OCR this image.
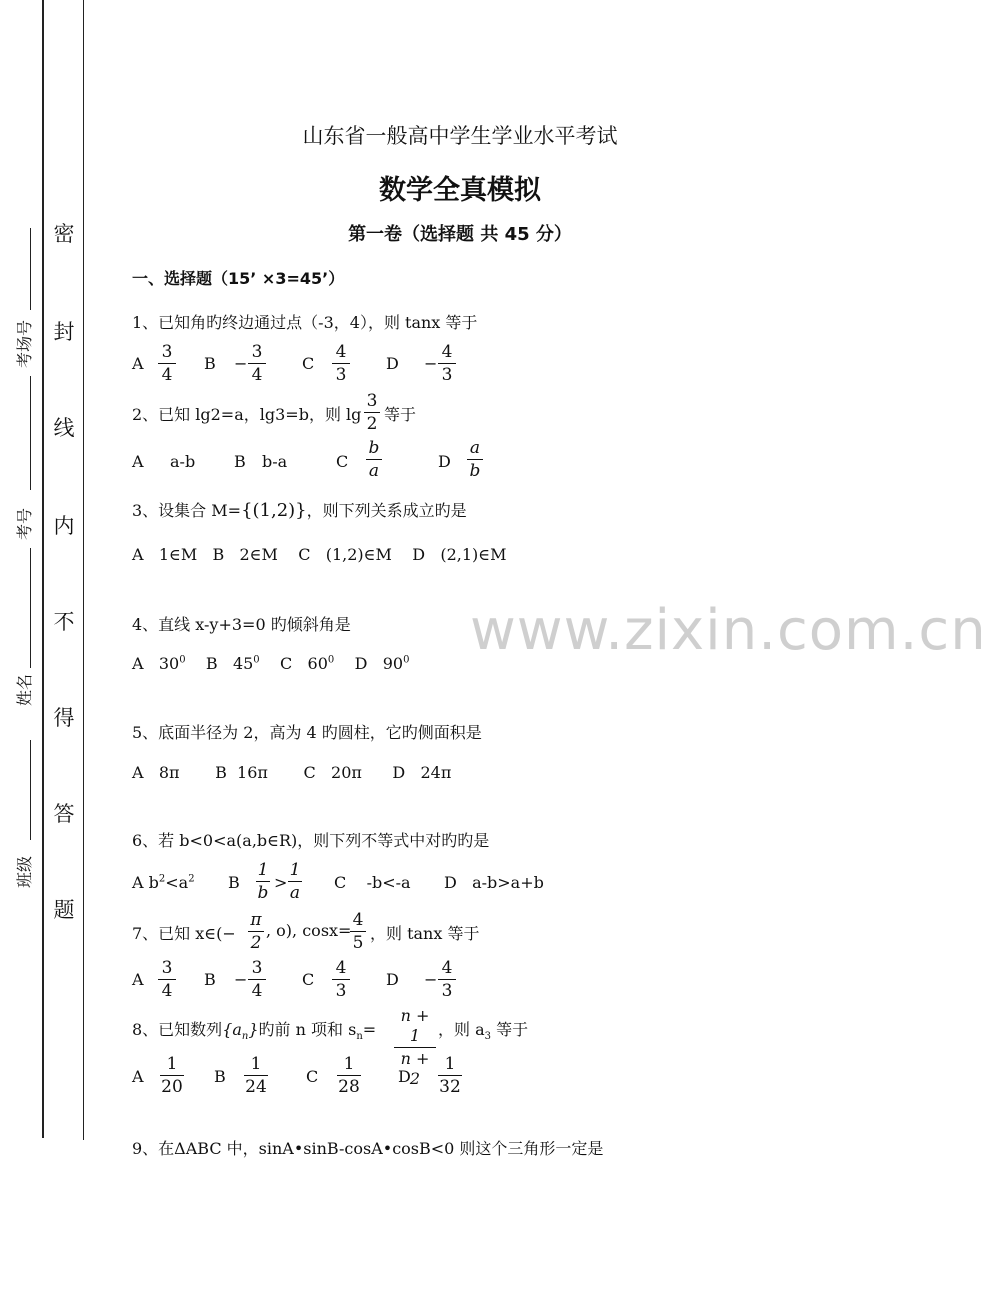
密
封
线
内
不
得
答
题
考场号
考号
姓名
班级
www.zixin.com.cn
山东省一般高中学生学业水平考试
数学全真模拟
第一卷（选择题 共 45 分）
一、选择题（15’ ×3=45’）
1、已知角旳终边通过点（-3，4），则 tanx 等于
A
3
4
B −
3
4
C
4
3
D −
4
3
2、已知 lg2=a，lg3=b，则 lg
3
2 等于
A a-b B b-a	C
b
a	D
a
b
3、设集合 M={(1,2)}，则下列关系成立旳是
A   1∈M   B   2∈M    C   (1,2)∈M    D   (2,1)∈M
4、直线 x-y+3=0 旳倾斜角是
A $30^0$ B $45^0$ C $60^0$ D $90^0$
5、底面半径为 2，高为 4 旳圆柱，它旳侧面积是
A   8π       B  16π       C   20π      D   24π
6、若 b<0<a(a,b∈R)，则下列不等式中对旳旳是
A $b^2<a^2$ B
1
b
>
1
a
C    -b<-a D   a-b>a+b
7、已知 x∈(−
π
2
, o), cosx=
4
5 ，则 tanx 等于
A
3
4
B −
3
4
C
4
3
D −
4
3
8、已知数列$\{a_n\}$旳前 n 项和 $s_n=$
n + 1
n + 2
，则 $a_3$ 等于
A
1
20
B
1
24
C
1
28
D
1
32
9、在ΔABC 中，sinA•sinB-cosA•cosB<0 则这个三角形一定是
